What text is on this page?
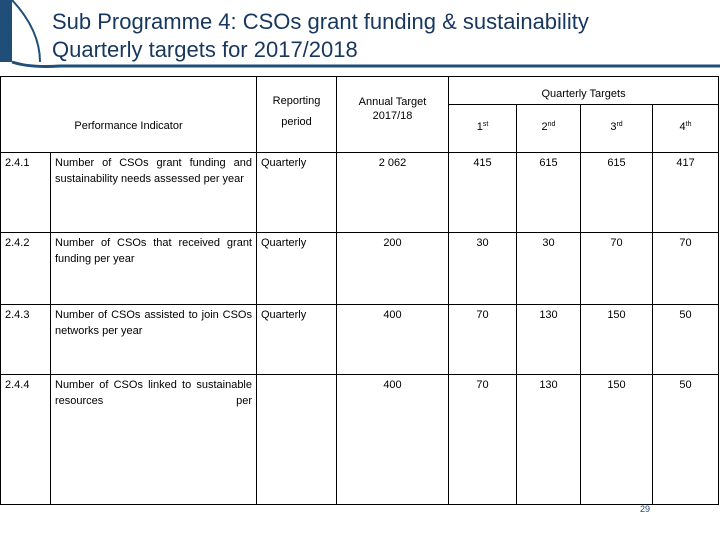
Sub Programme 4: CSOs grant funding & sustainability
Quarterly targets for 2017/2018
Performance Indicator		Reporting
period	Annual Target 2017/18	Quarterly Targets			
				1st	2nd	3rd	4th
2.4.1	Number of CSOs grant funding and sustainability needs assessed per year	Quarterly	2 062	415	615	615	417
2.4.2	Number of CSOs that received grant funding per year	Quarterly	200	30	30	70	70
2.4.3	Number of CSOs assisted to join CSOs networks per year	Quarterly	400	70	130	150	50
2.4.4	Number of CSOs linked to sustainable resources per		400	70	130	150	50
29
